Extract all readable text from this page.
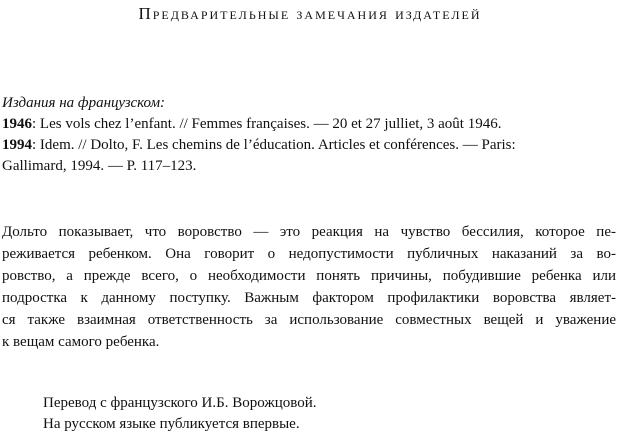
Предварительные замечания издателей
Издания на французском:
1946: Les vols chez l’enfant. // Femmes françaises. — 20 et 27 julliet, 3 août 1946.
1994: Idem. // Dolto, F. Les chemins de l’éducation. Articles et conférences. — Paris:
Gallimard, 1994. — P. 117–123.
Дольто показывает, что воровство — это реакция на чувство бессилия, которое пе-
реживается ребенком. Она говорит о недопустимости публичных наказаний за во-
ровство, а прежде всего, о необходимости понять причины, побудившие ребенка или
подростка к данному поступку. Важным фактором профилактики воровства являет-
ся также взаимная ответственность за использование совместных вещей и уважение
к вещам самого ребенка.
Перевод с французского И.Б. Ворожцовой.
На русском языке публикуется впервые.
